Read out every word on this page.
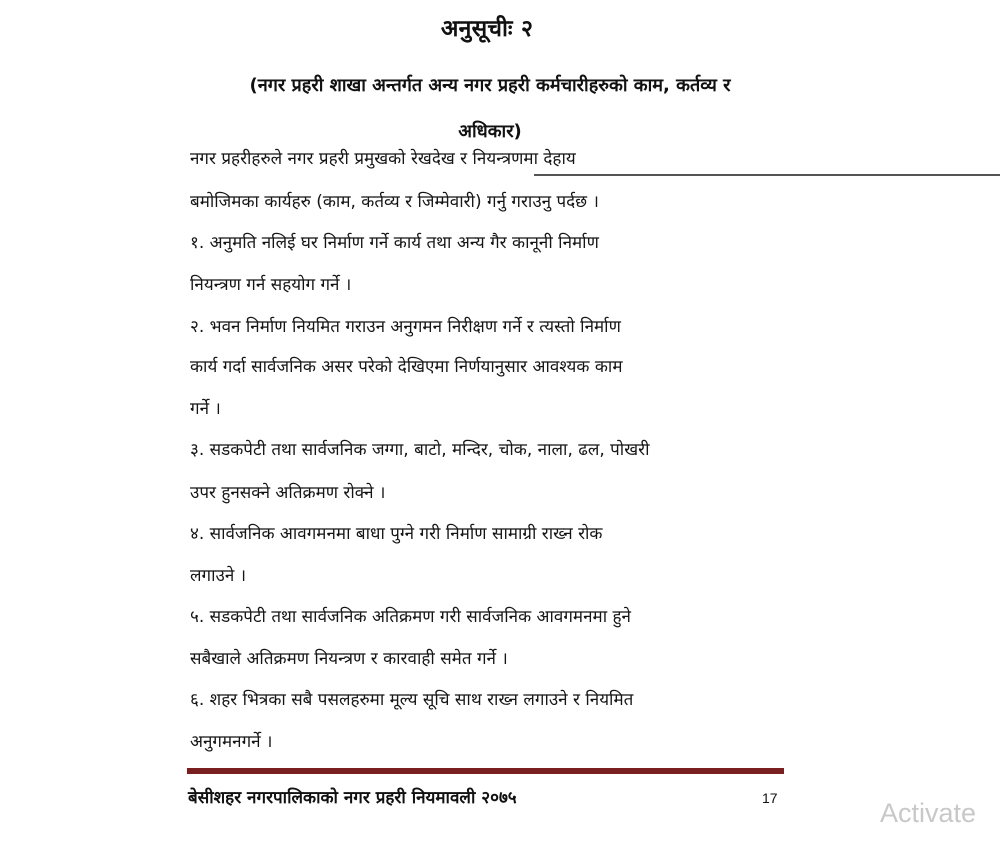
अनुसूचीः २
(नगर प्रहरी शाखा अन्तर्गत अन्य नगर प्रहरी कर्मचारीहरुको काम, कर्तव्य र
अधिकार)
नगर प्रहरीहरुले नगर प्रहरी प्रमुखको रेखदेख र नियन्त्रणमा देहाय
बमोजिमका कार्यहरु (काम, कर्तव्य र जिम्मेवारी) गर्नु गराउनु पर्दछ ।
१. अनुमति नलिई घर निर्माण गर्ने कार्य तथा अन्य गैर कानूनी निर्माण
नियन्त्रण गर्न सहयोग गर्ने ।
२. भवन निर्माण नियमित गराउन अनुगमन निरीक्षण गर्ने र त्यस्तो निर्माण
कार्य गर्दा सार्वजनिक असर परेको देखिएमा निर्णयानुसार आवश्यक काम
गर्ने ।
३. सडकपेटी तथा सार्वजनिक जग्गा, बाटो, मन्दिर, चोक, नाला, ढल, पोखरी
उपर हुनसक्ने अतिक्रमण रोक्ने ।
४. सार्वजनिक आवगमनमा बाधा पुग्ने गरी निर्माण सामाग्री राख्न रोक
लगाउने ।
५. सडकपेटी तथा सार्वजनिक अतिक्रमण गरी सार्वजनिक आवगमनमा हुने
सबैखाले अतिक्रमण नियन्त्रण र कारवाही समेत गर्ने ।
६. शहर भित्रका सबै पसलहरुमा मूल्य सूचि साथ राख्न लगाउने र नियमित
अनुगमनगर्ने ।
बेसीशहर नगरपालिकाको नगर प्रहरी नियमावली २०७५	17	Activate
